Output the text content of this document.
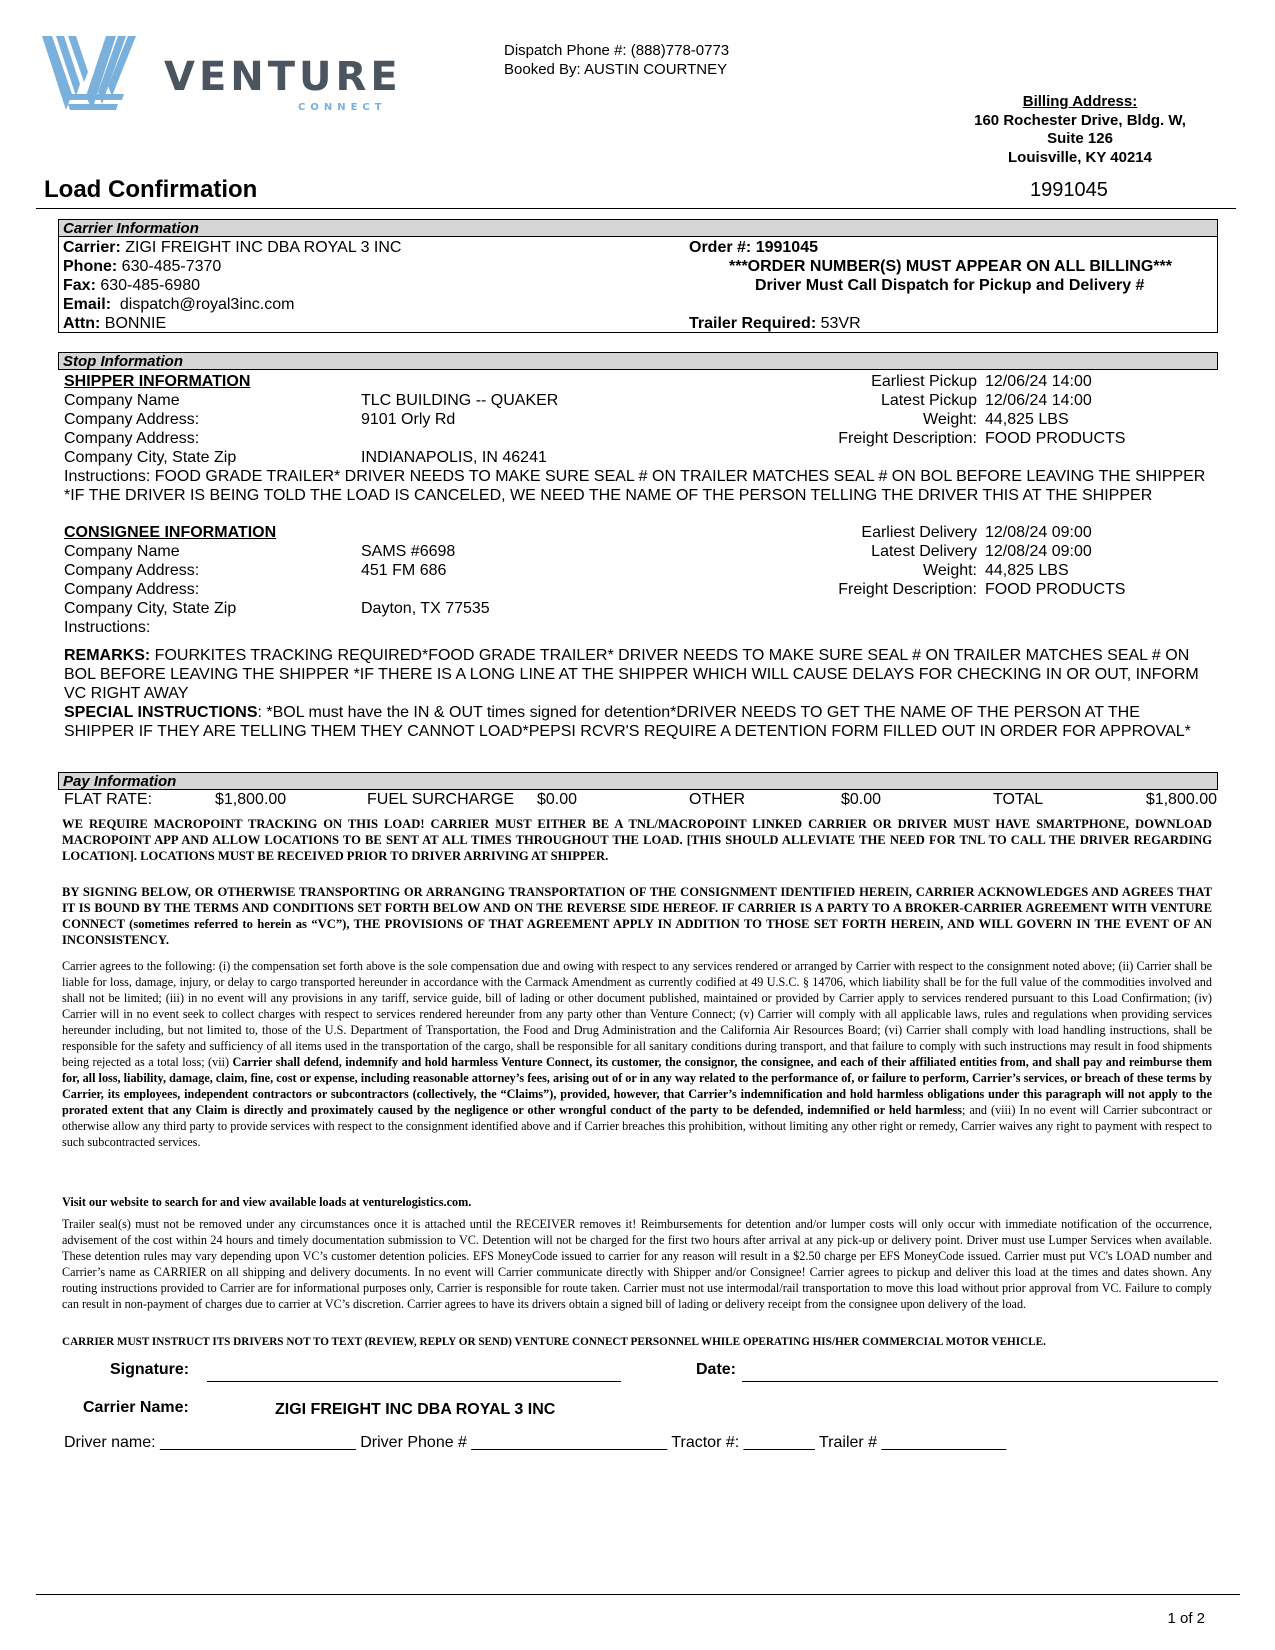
VENTURE
CONNECT
Dispatch Phone #: (888)778-0773
Booked By: AUSTIN COURTNEY
Billing Address:
160 Rochester Drive, Bldg. W,
Suite 126
Louisville, KY 40214
Load Confirmation	1991045
Carrier Information
Carrier: ZIGI FREIGHT INC DBA ROYAL 3 INC
Phone: 630-485-7370
Fax: 630-485-6980
Email: dispatch@royal3inc.com
Attn: BONNIE
Order #: 1991045
***ORDER NUMBER(S) MUST APPEAR ON ALL BILLING***
Driver Must Call Dispatch for Pickup and Delivery #
Trailer Required: 53VR
Stop Information
SHIPPER INFORMATION
Company Name	TLC BUILDING -- QUAKER
Company Address:	9101 Orly Rd
Company Address:
Company City, State Zip	INDIANAPOLIS, IN 46241
Earliest Pickup 12/06/24 14:00
Latest Pickup 12/06/24 14:00
Weight: 44,825 LBS
Freight Description: FOOD PRODUCTS
Instructions: FOOD GRADE TRAILER* DRIVER NEEDS TO MAKE SURE SEAL # ON TRAILER MATCHES SEAL # ON BOL BEFORE LEAVING THE SHIPPER *IF THE DRIVER IS BEING TOLD THE LOAD IS CANCELED, WE NEED THE NAME OF THE PERSON TELLING THE DRIVER THIS AT THE SHIPPER
CONSIGNEE INFORMATION
Company Name	SAMS #6698
Company Address:	451 FM 686
Company Address:
Company City, State Zip	Dayton, TX 77535
Instructions:
Earliest Delivery 12/08/24 09:00
Latest Delivery 12/08/24 09:00
Weight: 44,825 LBS
Freight Description: FOOD PRODUCTS
REMARKS: FOURKITES TRACKING REQUIRED*FOOD GRADE TRAILER* DRIVER NEEDS TO MAKE SURE SEAL # ON TRAILER MATCHES SEAL # ON BOL BEFORE LEAVING THE SHIPPER *IF THERE IS A LONG LINE AT THE SHIPPER WHICH WILL CAUSE DELAYS FOR CHECKING IN OR OUT, INFORM VC RIGHT AWAY
SPECIAL INSTRUCTIONS: *BOL must have the IN & OUT times signed for detention*DRIVER NEEDS TO GET THE NAME OF THE PERSON AT THE SHIPPER IF THEY ARE TELLING THEM THEY CANNOT LOAD*PEPSI RCVR'S REQUIRE A DETENTION FORM FILLED OUT IN ORDER FOR APPROVAL*
Pay Information
FLAT RATE:	$1,800.00	FUEL SURCHARGE $0.00	OTHER	$0.00	TOTAL	$1,800.00
WE REQUIRE MACROPOINT TRACKING ON THIS LOAD! CARRIER MUST EITHER BE A TNL/MACROPOINT LINKED CARRIER OR DRIVER MUST HAVE SMARTPHONE, DOWNLOAD MACROPOINT APP AND ALLOW LOCATIONS TO BE SENT AT ALL TIMES THROUGHOUT THE LOAD. [THIS SHOULD ALLEVIATE THE NEED FOR TNL TO CALL THE DRIVER REGARDING LOCATION]. LOCATIONS MUST BE RECEIVED PRIOR TO DRIVER ARRIVING AT SHIPPER.
BY SIGNING BELOW, OR OTHERWISE TRANSPORTING OR ARRANGING TRANSPORTATION OF THE CONSIGNMENT IDENTIFIED HEREIN, CARRIER ACKNOWLEDGES AND AGREES THAT IT IS BOUND BY THE TERMS AND CONDITIONS SET FORTH BELOW AND ON THE REVERSE SIDE HEREOF. IF CARRIER IS A PARTY TO A BROKER-CARRIER AGREEMENT WITH VENTURE CONNECT (sometimes referred to herein as “VC”), THE PROVISIONS OF THAT AGREEMENT APPLY IN ADDITION TO THOSE SET FORTH HEREIN, AND WILL GOVERN IN THE EVENT OF AN INCONSISTENCY.
Carrier agrees to the following: (i) the compensation set forth above is the sole compensation due and owing with respect to any services rendered or arranged by Carrier with respect to the consignment noted above; (ii) Carrier shall be liable for loss, damage, injury, or delay to cargo transported hereunder in accordance with the Carmack Amendment as currently codified at 49 U.S.C. § 14706, which liability shall be for the full value of the commodities involved and shall not be limited; (iii) in no event will any provisions in any tariff, service guide, bill of lading or other document published, maintained or provided by Carrier apply to services rendered pursuant to this Load Confirmation; (iv) Carrier will in no event seek to collect charges with respect to services rendered hereunder from any party other than Venture Connect; (v) Carrier will comply with all applicable laws, rules and regulations when providing services hereunder including, but not limited to, those of the U.S. Department of Transportation, the Food and Drug Administration and the California Air Resources Board; (vi) Carrier shall comply with load handling instructions, shall be responsible for the safety and sufficiency of all items used in the transportation of the cargo, shall be responsible for all sanitary conditions during transport, and that failure to comply with such instructions may result in food shipments being rejected as a total loss; (vii) Carrier shall defend, indemnify and hold harmless Venture Connect, its customer, the consignor, the consignee, and each of their affiliated entities from, and shall pay and reimburse them for, all loss, liability, damage, claim, fine, cost or expense, including reasonable attorney’s fees, arising out of or in any way related to the performance of, or failure to perform, Carrier’s services, or breach of these terms by Carrier, its employees, independent contractors or subcontractors (collectively, the “Claims”), provided, however, that Carrier’s indemnification and hold harmless obligations under this paragraph will not apply to the prorated extent that any Claim is directly and proximately caused by the negligence or other wrongful conduct of the party to be defended, indemnified or held harmless; and (viii) In no event will Carrier subcontract or otherwise allow any third party to provide services with respect to the consignment identified above and if Carrier breaches this prohibition, without limiting any other right or remedy, Carrier waives any right to payment with respect to such subcontracted services.
Visit our website to search for and view available loads at venturelogistics.com.
Trailer seal(s) must not be removed under any circumstances once it is attached until the RECEIVER removes it! Reimbursements for detention and/or lumper costs will only occur with immediate notification of the occurrence, advisement of the cost within 24 hours and timely documentation submission to VC. Detention will not be charged for the first two hours after arrival at any pick-up or delivery point. Driver must use Lumper Services when available. These detention rules may vary depending upon VC’s customer detention policies. EFS MoneyCode issued to carrier for any reason will result in a $2.50 charge per EFS MoneyCode issued. Carrier must put VC's LOAD number and Carrier’s name as CARRIER on all shipping and delivery documents. In no event will Carrier communicate directly with Shipper and/or Consignee! Carrier agrees to pickup and deliver this load at the times and dates shown. Any routing instructions provided to Carrier are for informational purposes only, Carrier is responsible for route taken. Carrier must not use intermodal/rail transportation to move this load without prior approval from VC. Failure to comply can result in non-payment of charges due to carrier at VC’s discretion. Carrier agrees to have its drivers obtain a signed bill of lading or delivery receipt from the consignee upon delivery of the load.
CARRIER MUST INSTRUCT ITS DRIVERS NOT TO TEXT (REVIEW, REPLY OR SEND) VENTURE CONNECT PERSONNEL WHILE OPERATING HIS/HER COMMERCIAL MOTOR VEHICLE.
Signature:	Date:
Carrier Name:	ZIGI FREIGHT INC DBA ROYAL 3 INC
Driver name: ______________________ Driver Phone # ______________________ Tractor #: ________ Trailer # ______________
1 of 2
